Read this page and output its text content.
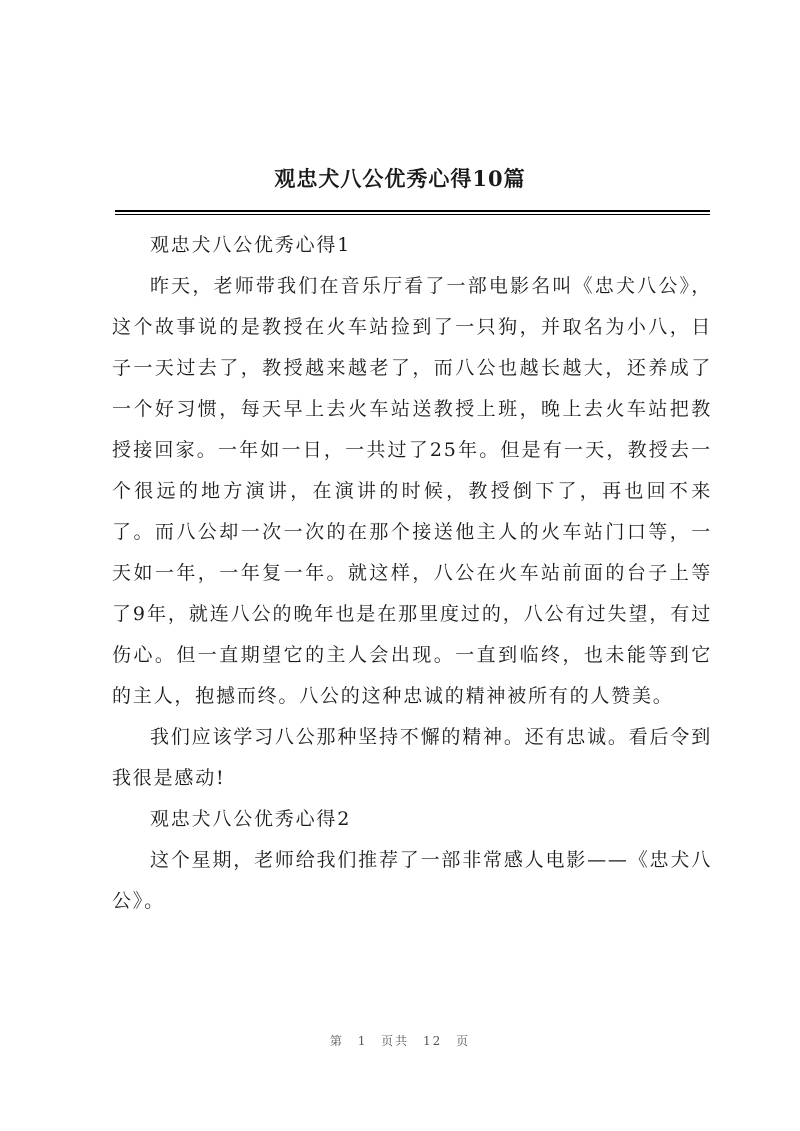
观忠犬八公优秀心得10篇

观忠犬八公优秀心得1

昨天，老师带我们在音乐厅看了一部电影名叫《忠犬八公》，这个故事说的是教授在火车站捡到了一只狗，并取名为小八，日子一天过去了，教授越来越老了，而八公也越长越大，还养成了一个好习惯，每天早上去火车站送教授上班，晚上去火车站把教授接回家。一年如一日，一共过了25年。但是有一天，教授去一个很远的地方演讲，在演讲的时候，教授倒下了，再也回不来了。而八公却一次一次的在那个接送他主人的火车站门口等，一天如一年，一年复一年。就这样，八公在火车站前面的台子上等了9年，就连八公的晚年也是在那里度过的，八公有过失望，有过伤心。但一直期望它的主人会出现。一直到临终，也未能等到它的主人，抱撼而终。八公的这种忠诚的精神被所有的人赞美。

我们应该学习八公那种坚持不懈的精神。还有忠诚。看后令到我很是感动!

观忠犬八公优秀心得2

这个星期，老师给我们推荐了一部非常感人电影——《忠犬八公》。

第 1 页共 12 页
